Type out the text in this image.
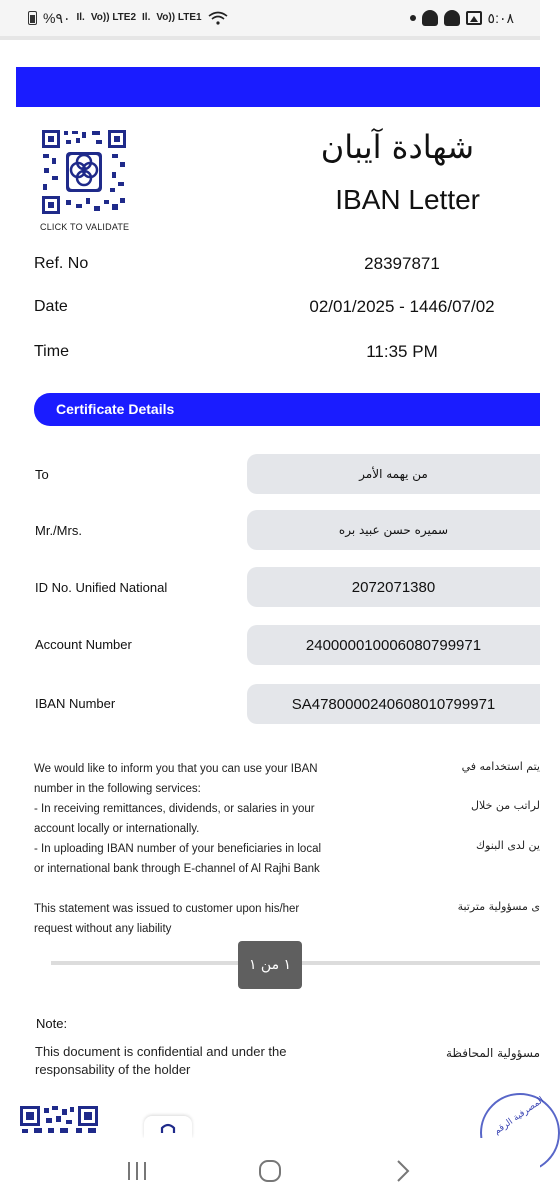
%٩٠ Il. Vo)) LTE2 Il. Vo)) LTE1	٥:٠٨
CLICK TO VALIDATE
شهادة آيبان
IBAN Letter
Ref. No	28397871
Date	02/01/2025 - 1446/07/02
Time	11:35 PM
Certificate Details
To	من يهمه الأمر
Mr./Mrs.	سميره حسن عبيد بره
ID No. Unified National	2072071380
Account Number	240000010006080799971
IBAN Number	SA4780000240608010799971
We would like to inform you that you can use your IBAN
number in the following services:
- In receiving remittances, dividends, or salaries in your
account locally or internationally.
- In uploading IBAN number of your beneficiaries in local
or international bank through E-channel of Al Rajhi Bank
يتم استخدامه في
لراتب من خلال
ين لدى البنوك
This statement was issued to customer upon his/her
request without any liability
ى مسؤولية مترتبة
١ من ١
Note:
This document is confidential and under the responsability of the holder
مسؤولية المحافظة
المصرفية الرقم
